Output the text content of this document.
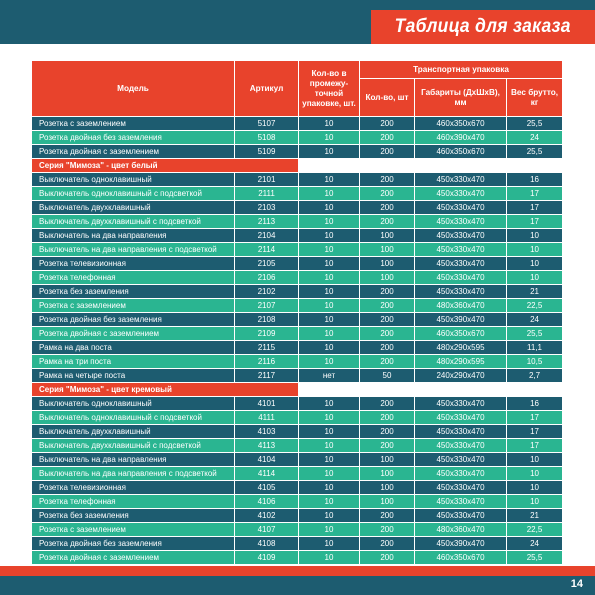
Таблица для заказа
Модель	Артикул	Кол-во в промежу-точной упаковке, шт.	Транспортная упаковка		
			Кол-во, шт	Габариты (ДхШхВ), мм	Вес брутто, кг
Розетка с заземлением	5107	10	200	460x350x670	25,5
Розетка двойная без заземления	5108	10	200	460x390x470	24
Розетка двойная с заземлением	5109	10	200	460x350x670	25,5
Серия "Мимоза" - цвет белый					
Выключатель одноклавишный	2101	10	200	450x330x470	16
Выключатель одноклавишный с подсветкой	2111	10	200	450x330x470	17
Выключатель двухклавишный	2103	10	200	450x330x470	17
Выключатель двухклавишный с подсветкой	2113	10	200	450x330x470	17
Выключатель на два направления	2104	10	100	450x330x470	10
Выключатель на два направления с подсветкой	2114	10	100	450x330x470	10
Розетка телевизионная	2105	10	100	450x330x470	10
Розетка телефонная	2106	10	100	450x330x470	10
Розетка без заземления	2102	10	200	450x330x470	21
Розетка с заземлением	2107	10	200	480x360x470	22,5
Розетка двойная без заземления	2108	10	200	450x390x470	24
Розетка двойная с заземлением	2109	10	200	460x350x670	25,5
Рамка на два поста	2115	10	200	480x290x595	11,1
Рамка на три поста	2116	10	200	480x290x595	10,5
Рамка на четыре поста	2117	нет	50	240x290x470	2,7
Серия "Мимоза" - цвет кремовый					
Выключатель одноклавишный	4101	10	200	450x330x470	16
Выключатель одноклавишный с подсветкой	4111	10	200	450x330x470	17
Выключатель двухклавишный	4103	10	200	450x330x470	17
Выключатель двухклавишный с подсветкой	4113	10	200	450x330x470	17
Выключатель на два направления	4104	10	100	450x330x470	10
Выключатель на два направления с подсветкой	4114	10	100	450x330x470	10
Розетка телевизионная	4105	10	100	450x330x470	10
Розетка телефонная	4106	10	100	450x330x470	10
Розетка без заземления	4102	10	200	450x330x470	21
Розетка с заземлением	4107	10	200	480x360x470	22,5
Розетка двойная без заземления	4108	10	200	450x390x470	24
Розетка двойная с заземлением	4109	10	200	460x350x670	25,5
14
